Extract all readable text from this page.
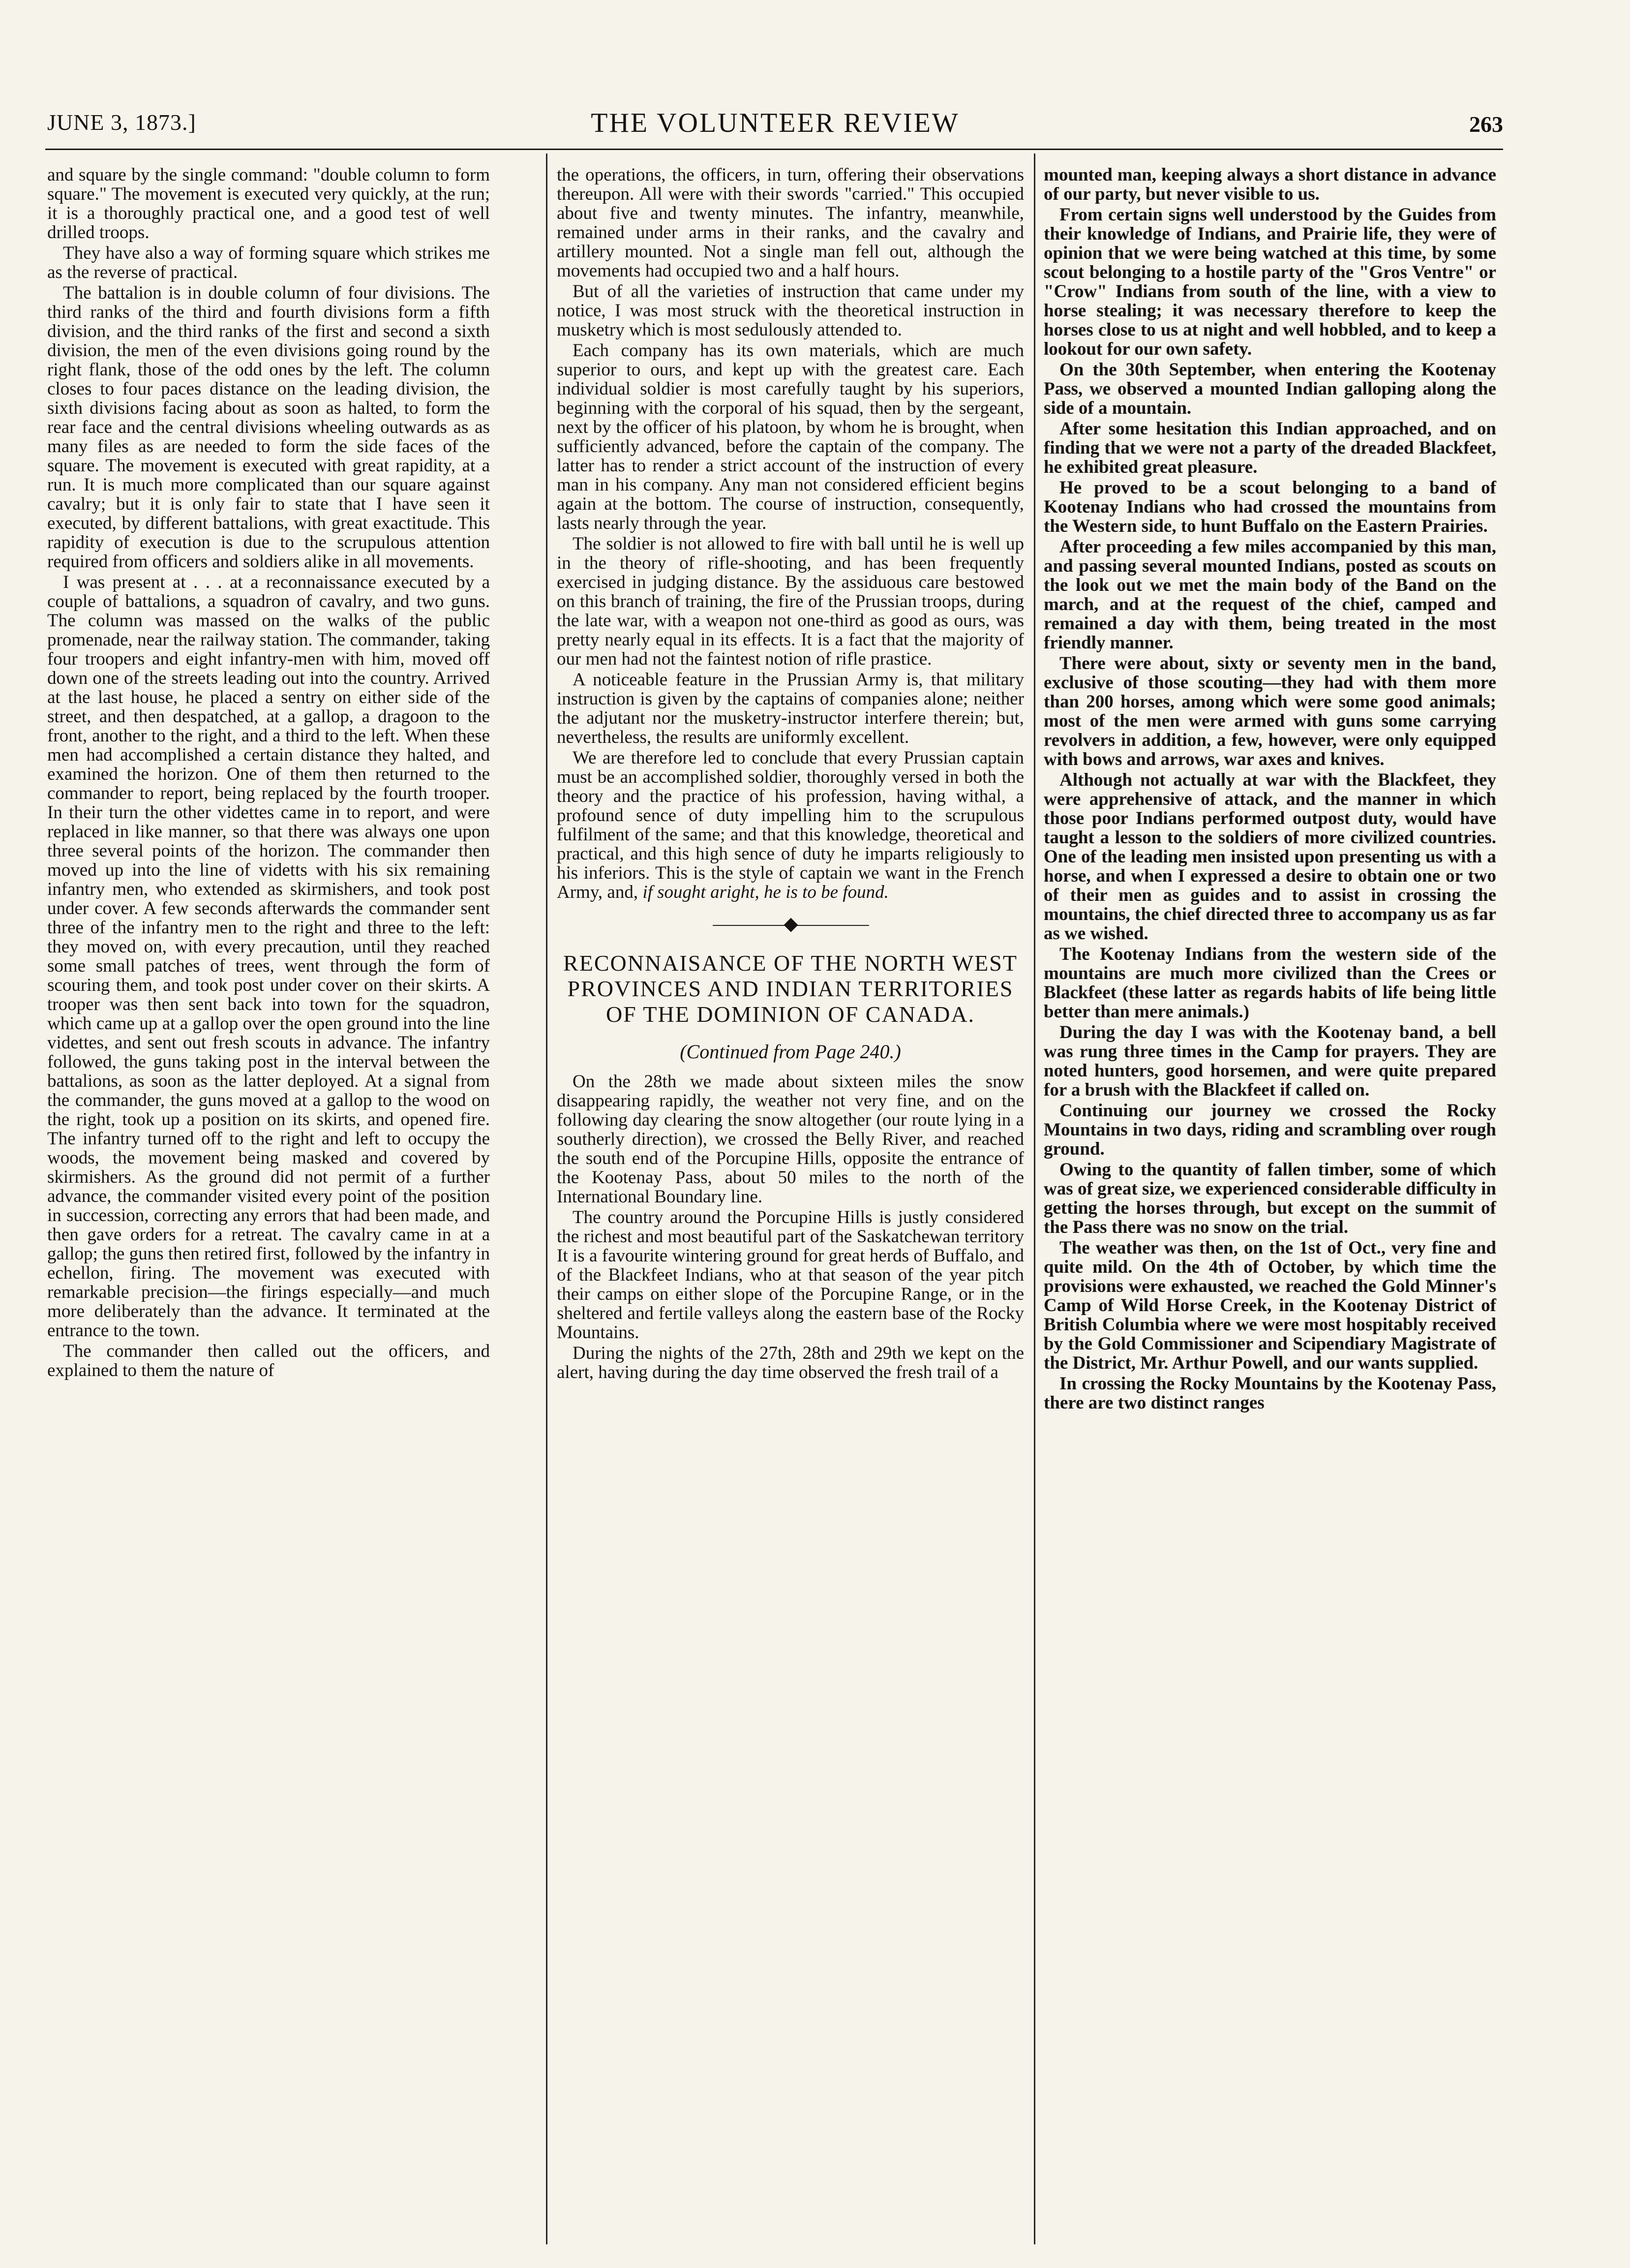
JUNE 3, 1873.]	THE VOLUNTEER REVIEW	263

and square by the single command: "double column to form square." The movement is executed very quickly, at the run; it is a thoroughly practical one, and a good test of well drilled troops.

They have also a way of forming square which strikes me as the reverse of practical.

The battalion is in double column of four divisions. The third ranks of the third and fourth divisions form a fifth division, and the third ranks of the first and second a sixth division, the men of the even divisions going round by the right flank, those of the odd ones by the left. The column closes to four paces distance on the leading division, the sixth divisions facing about as soon as halted, to form the rear face and the central divisions wheeling outwards as as many files as are needed to form the side faces of the square. The movement is executed with great rapidity, at a run. It is much more complicated than our square against cavalry; but it is only fair to state that I have seen it executed, by different battalions, with great exactitude. This rapidity of execution is due to the scrupulous attention required from officers and soldiers alike in all movements.

I was present at . . . at a reconnaissance executed by a couple of battalions, a squadron of cavalry, and two guns. The column was massed on the walks of the public promenade, near the railway station. The commander, taking four troopers and eight infantry-men with him, moved off down one of the streets leading out into the country. Arrived at the last house, he placed a sentry on either side of the street, and then despatched, at a gallop, a dragoon to the front, another to the right, and a third to the left. When these men had accomplished a certain distance they halted, and examined the horizon. One of them then returned to the commander to report, being replaced by the fourth trooper. In their turn the other videttes came in to report, and were replaced in like manner, so that there was always one upon three several points of the horizon. The commander then moved up into the line of videtts with his six remaining infantry men, who extended as skirmishers, and took post under cover. A few seconds afterwards the commander sent three of the infantry men to the right and three to the left: they moved on, with every precaution, until they reached some small patches of trees, went through the form of scouring them, and took post under cover on their skirts. A trooper was then sent back into town for the squadron, which came up at a gallop over the open ground into the line videttes, and sent out fresh scouts in advance. The infantry followed, the guns taking post in the interval between the battalions, as soon as the latter deployed. At a signal from the commander, the guns moved at a gallop to the wood on the right, took up a position on its skirts, and opened fire. The infantry turned off to the right and left to occupy the woods, the movement being masked and covered by skirmishers. As the ground did not permit of a further advance, the commander visited every point of the position in succession, correcting any errors that had been made, and then gave orders for a retreat. The cavalry came in at a gallop; the guns then retired first, followed by the infantry in echellon, firing. The movement was executed with remarkable precision—the firings especially—and much more deliberately than the advance. It terminated at the entrance to the town.

The commander then called out the officers, and explained to them the nature of

the operations, the officers, in turn, offering their observations thereupon. All were with their swords "carried." This occupied about five and twenty minutes. The infantry, meanwhile, remained under arms in their ranks, and the cavalry and artillery mounted. Not a single man fell out, although the movements had occupied two and a half hours.

But of all the varieties of instruction that came under my notice, I was most struck with the theoretical instruction in musketry which is most sedulously attended to.

Each company has its own materials, which are much superior to ours, and kept up with the greatest care. Each individual soldier is most carefully taught by his superiors, beginning with the corporal of his squad, then by the sergeant, next by the officer of his platoon, by whom he is brought, when sufficiently advanced, before the captain of the company. The latter has to render a strict account of the instruction of every man in his company. Any man not considered efficient begins again at the bottom. The course of instruction, consequently, lasts nearly through the year.

The soldier is not allowed to fire with ball until he is well up in the theory of rifle-shooting, and has been frequently exercised in judging distance. By the assiduous care bestowed on this branch of training, the fire of the Prussian troops, during the late war, with a weapon not one-third as good as ours, was pretty nearly equal in its effects. It is a fact that the majority of our men had not the faintest notion of rifle prastice.

A noticeable feature in the Prussian Army is, that military instruction is given by the captains of companies alone; neither the adjutant nor the musketry-instructor interfere therein; but, nevertheless, the results are uniformly excellent.

We are therefore led to conclude that every Prussian captain must be an accomplished soldier, thoroughly versed in both the theory and the practice of his profession, having withal, a profound sence of duty impelling him to the scrupulous fulfilment of the same; and that this knowledge, theoretical and practical, and this high sence of duty he imparts religiously to his inferiors. This is the style of captain we want in the French Army, and, if sought aright, he is to be found.

————◆————
RECONNAISANCE OF THE NORTH WEST PROVINCES AND INDIAN TERRITORIES OF THE DOMINION OF CANADA.
(Continued from Page 240.)

On the 28th we made about sixteen miles the snow disappearing rapidly, the weather not very fine, and on the following day clearing the snow altogether (our route lying in a southerly direction), we crossed the Belly River, and reached the south end of the Porcupine Hills, opposite the entrance of the Kootenay Pass, about 50 miles to the north of the International Boundary line.

The country around the Porcupine Hills is justly considered the richest and most beautiful part of the Saskatchewan territory It is a favourite wintering ground for great herds of Buffalo, and of the Blackfeet Indians, who at that season of the year pitch their camps on either slope of the Porcupine Range, or in the sheltered and fertile valleys along the eastern base of the Rocky Mountains.

During the nights of the 27th, 28th and 29th we kept on the alert, having during the day time observed the fresh trail of a

mounted man, keeping always a short distance in advance of our party, but never visible to us.

From certain signs well understood by the Guides from their knowledge of Indians, and Prairie life, they were of opinion that we were being watched at this time, by some scout belonging to a hostile party of the "Gros Ventre" or "Crow" Indians from south of the line, with a view to horse stealing; it was necessary therefore to keep the horses close to us at night and well hobbled, and to keep a lookout for our own safety.

On the 30th September, when entering the Kootenay Pass, we observed a mounted Indian galloping along the side of a mountain.

After some hesitation this Indian approached, and on finding that we were not a party of the dreaded Blackfeet, he exhibited great pleasure.

He proved to be a scout belonging to a band of Kootenay Indians who had crossed the mountains from the Western side, to hunt Buffalo on the Eastern Prairies.

After proceeding a few miles accompanied by this man, and passing several mounted Indians, posted as scouts on the look out we met the main body of the Band on the march, and at the request of the chief, camped and remained a day with them, being treated in the most friendly manner.

There were about, sixty or seventy men in the band, exclusive of those scouting—they had with them more than 200 horses, among which were some good animals; most of the men were armed with guns some carrying revolvers in addition, a few, however, were only equipped with bows and arrows, war axes and knives.

Although not actually at war with the Blackfeet, they were apprehensive of attack, and the manner in which those poor Indians performed outpost duty, would have taught a lesson to the soldiers of more civilized countries. One of the leading men insisted upon presenting us with a horse, and when I expressed a desire to obtain one or two of their men as guides and to assist in crossing the mountains, the chief directed three to accompany us as far as we wished.

The Kootenay Indians from the western side of the mountains are much more civilized than the Crees or Blackfeet (these latter as regards habits of life being little better than mere animals.)

During the day I was with the Kootenay band, a bell was rung three times in the Camp for prayers. They are noted hunters, good horsemen, and were quite prepared for a brush with the Blackfeet if called on.

Continuing our journey we crossed the Rocky Mountains in two days, riding and scrambling over rough ground.

Owing to the quantity of fallen timber, some of which was of great size, we experienced considerable difficulty in getting the horses through, but except on the summit of the Pass there was no snow on the trial.

The weather was then, on the 1st of Oct., very fine and quite mild. On the 4th of October, by which time the provisions were exhausted, we reached the Gold Minner's Camp of Wild Horse Creek, in the Kootenay District of British Columbia where we were most hospitably received by the Gold Commissioner and Scipendiary Magistrate of the District, Mr. Arthur Powell, and our wants supplied.

In crossing the Rocky Mountains by the Kootenay Pass, there are two distinct ranges
